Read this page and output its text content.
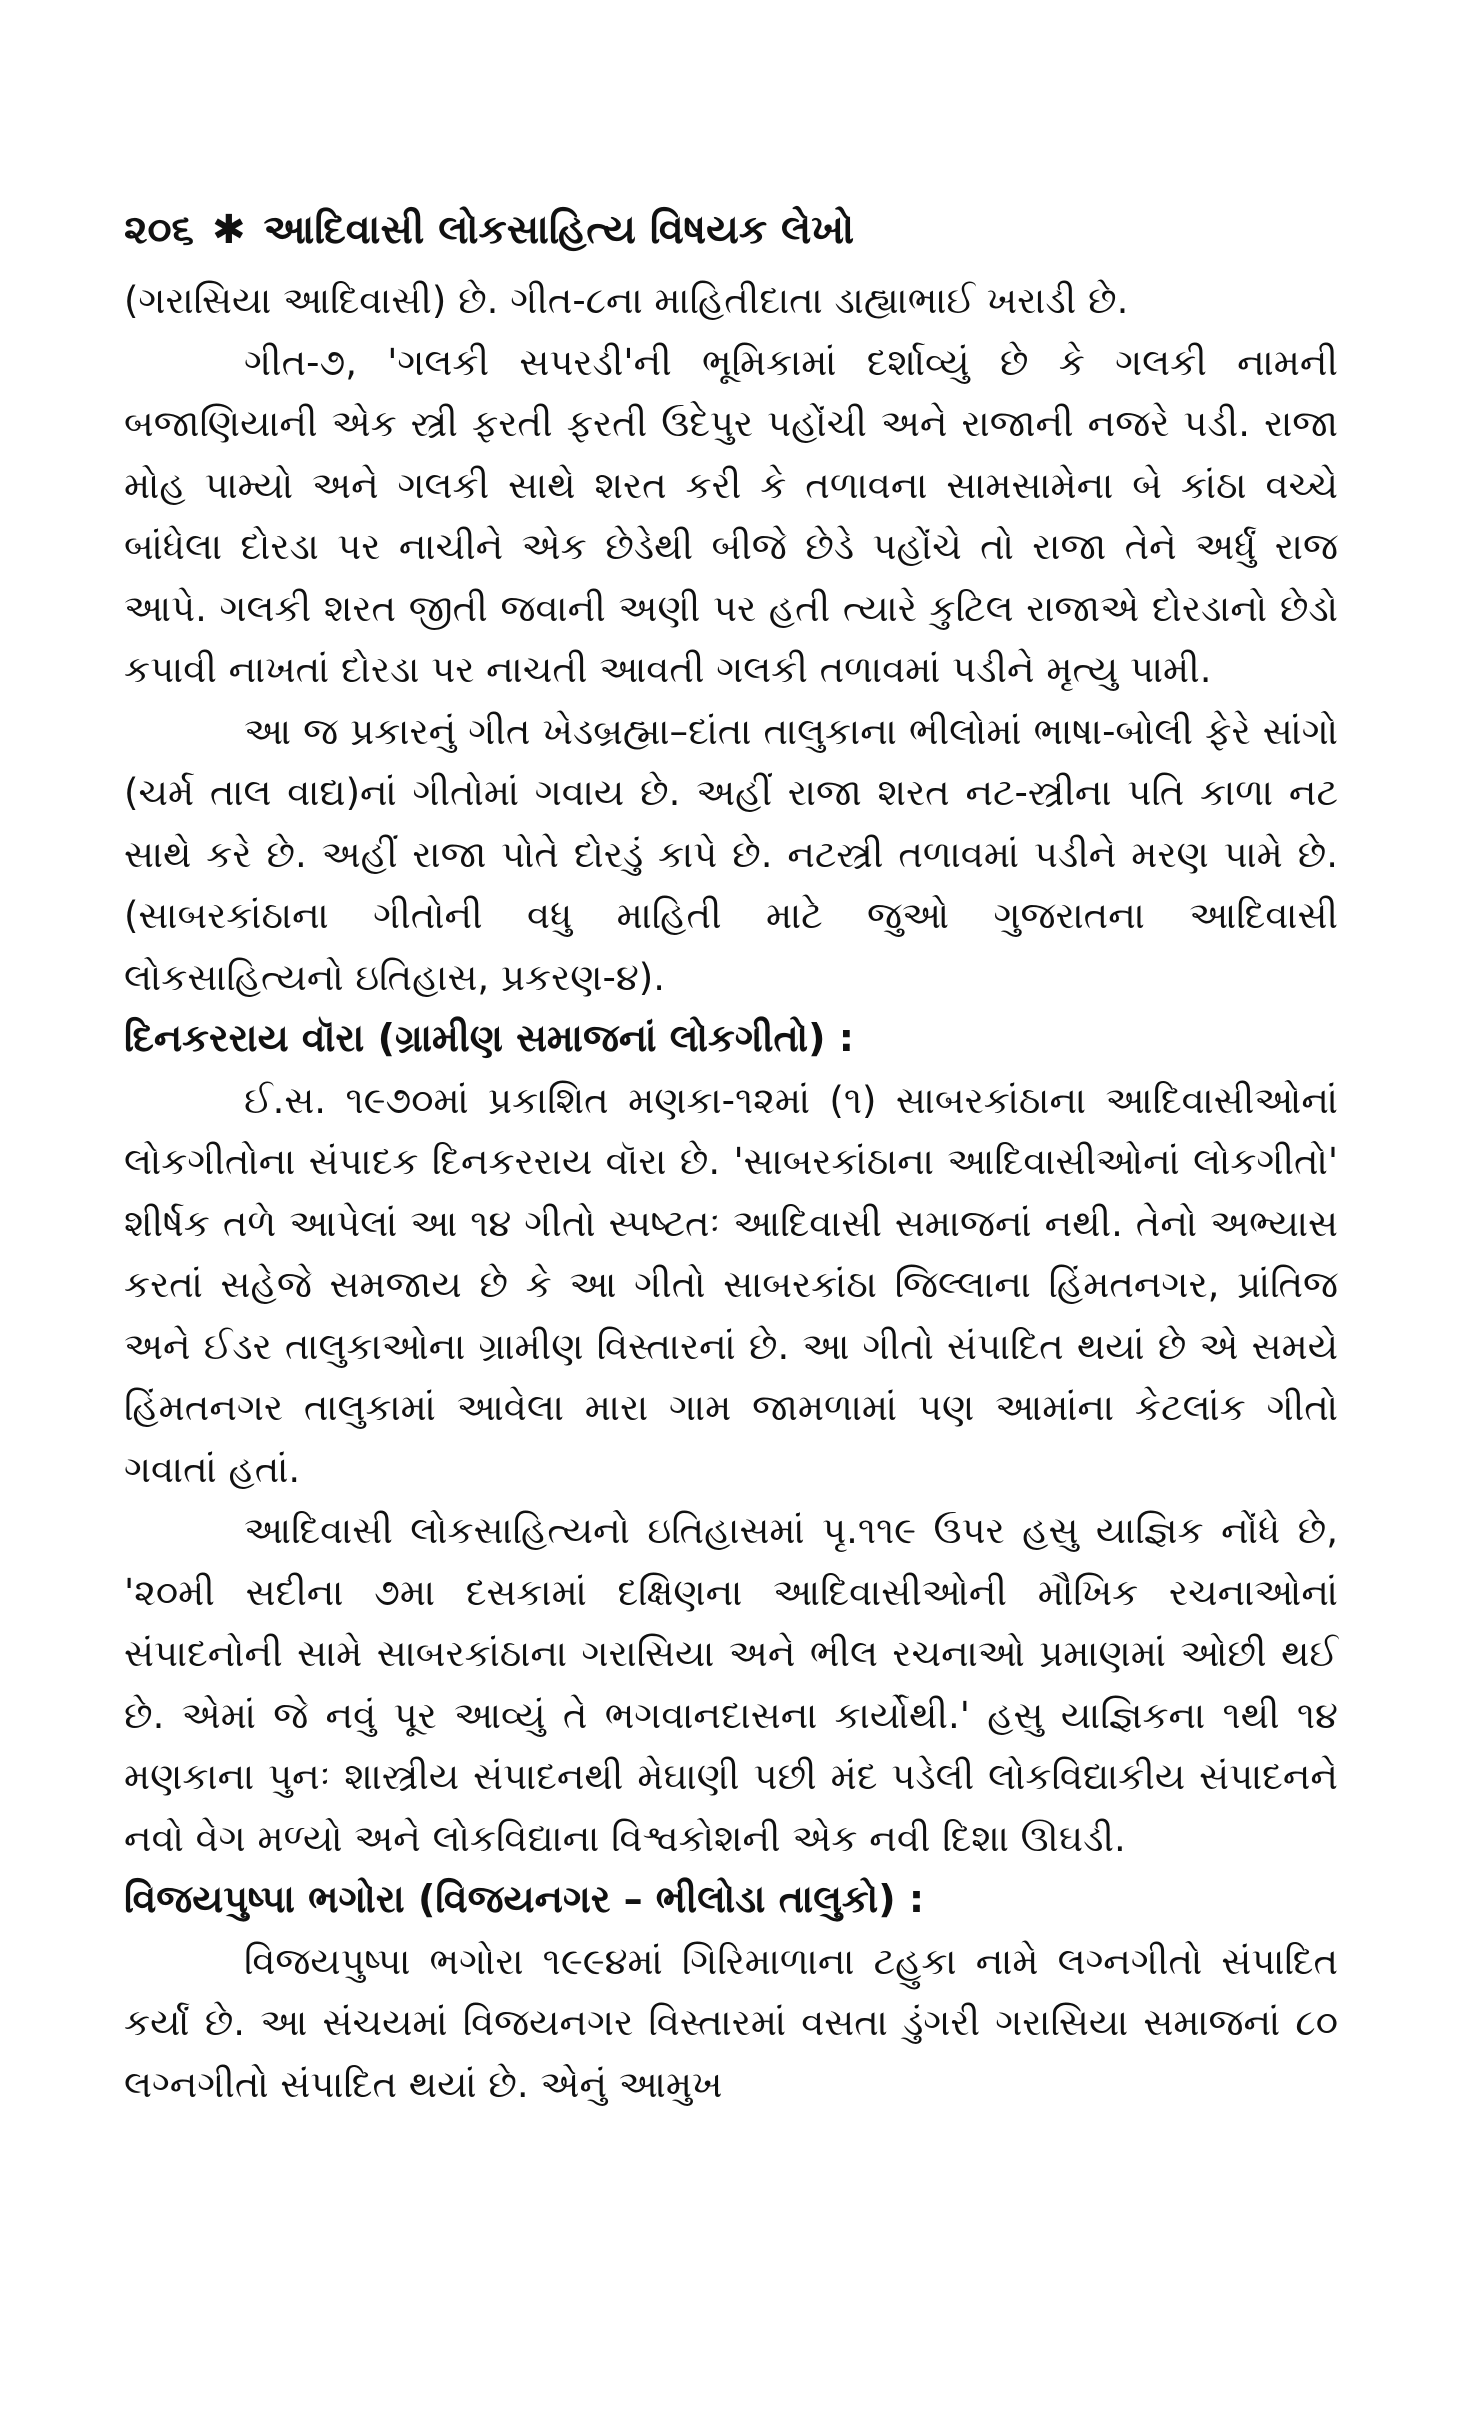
૨૦૬ ✱ આદિવાસી લોકસાહિત્ય વિષયક લેખો

(ગરાસિયા આદિવાસી) છે. ગીત-૮ના માહિતીદાતા ડાહ્યાભાઈ ખરાડી છે.

ગીત-૭, 'ગલકી સપરડી'ની ભૂમિકામાં દર્શાવ્યું છે કે ગલકી નામની બજાણિયાની એક સ્ત્રી ફરતી ફરતી ઉદેપુર પહોંચી અને રાજાની નજરે પડી. રાજા મોહ પામ્યો અને ગલકી સાથે શરત કરી કે તળાવના સામસામેના બે કાંઠા વચ્ચે બાંધેલા દોરડા પર નાચીને એક છેડેથી બીજે છેડે પહોંચે તો રાજા તેને અર્ધું રાજ આપે. ગલકી શરત જીતી જવાની અણી પર હતી ત્યારે કુટિલ રાજાએ દોરડાનો છેડો કપાવી નાખતાં દોરડા પર નાચતી આવતી ગલકી તળાવમાં પડીને મૃત્યુ પામી.

આ જ પ્રકારનું ગીત ખેડબ્રહ્મા–દાંતા તાલુકાના ભીલોમાં ભાષા-બોલી ફેરે સાંગો (ચર્મ તાલ વાદ્ય)નાં ગીતોમાં ગવાય છે. અહીં રાજા શરત નટ-સ્ત્રીના પતિ કાળા નટ સાથે કરે છે. અહીં રાજા પોતે દોરડું કાપે છે. નટસ્ત્રી તળાવમાં પડીને મરણ પામે છે. (સાબરકાંઠાના ગીતોની વધુ માહિતી માટે જુઓ ગુજરાતના આદિવાસી લોકસાહિત્યનો ઇતિહાસ, પ્રકરણ-૪).

દિનકરરાય વૉરા (ગ્રામીણ સમાજનાં લોકગીતો) :

ઈ.સ. ૧૯૭૦માં પ્રકાશિત મણકા-૧૨માં (૧) સાબરકાંઠાના આદિવાસીઓનાં લોકગીતોના સંપાદક દિનકરરાય વૉરા છે. 'સાબરકાંઠાના આદિવાસીઓનાં લોકગીતો' શીર્ષક તળે આપેલાં આ ૧૪ ગીતો સ્પષ્ટતઃ આદિવાસી સમાજનાં નથી. તેનો અભ્યાસ કરતાં સહેજે સમજાય છે કે આ ગીતો સાબરકાંઠા જિલ્લાના હિંમતનગર, પ્રાંતિજ અને ઈડર તાલુકાઓના ગ્રામીણ વિસ્તારનાં છે. આ ગીતો સંપાદિત થયાં છે એ સમયે હિંમતનગર તાલુકામાં આવેલા મારા ગામ જામળામાં પણ આમાંના કેટલાંક ગીતો ગવાતાં હતાં.

આદિવાસી લોકસાહિત્યનો ઇતિહાસમાં પૃ.૧૧૯ ઉપર હસુ યાજ્ઞિક નોંધે છે, '૨૦મી સદીના ૭મા દસકામાં દક્ષિણના આદિવાસીઓની મૌખિક રચનાઓનાં સંપાદનોની સામે સાબરકાંઠાના ગરાસિયા અને ભીલ રચનાઓ પ્રમાણમાં ઓછી થઈ છે. એમાં જે નવું પૂર આવ્યું તે ભગવાનદાસના કાર્યોથી.' હસુ યાજ્ઞિકના ૧થી ૧૪ મણકાના પુનઃ શાસ્ત્રીય સંપાદનથી મેઘાણી પછી મંદ પડેલી લોકવિદ્યાકીય સંપાદનને નવો વેગ મળ્યો અને લોકવિદ્યાના વિશ્વકોશની એક નવી દિશા ઊઘડી.

વિજયપુષ્પા ભગોરા (વિજયનગર – ભીલોડા તાલુકો) :

વિજયપુષ્પા ભગોરા ૧૯૯૪માં ગિરિમાળાના ટહુકા નામે લગ્નગીતો સંપાદિત કર્યાં છે. આ સંચયમાં વિજયનગર વિસ્તારમાં વસતા ડુંગરી ગરાસિયા સમાજનાં ૮૦ લગ્નગીતો સંપાદિત થયાં છે. એનું આમુખ
